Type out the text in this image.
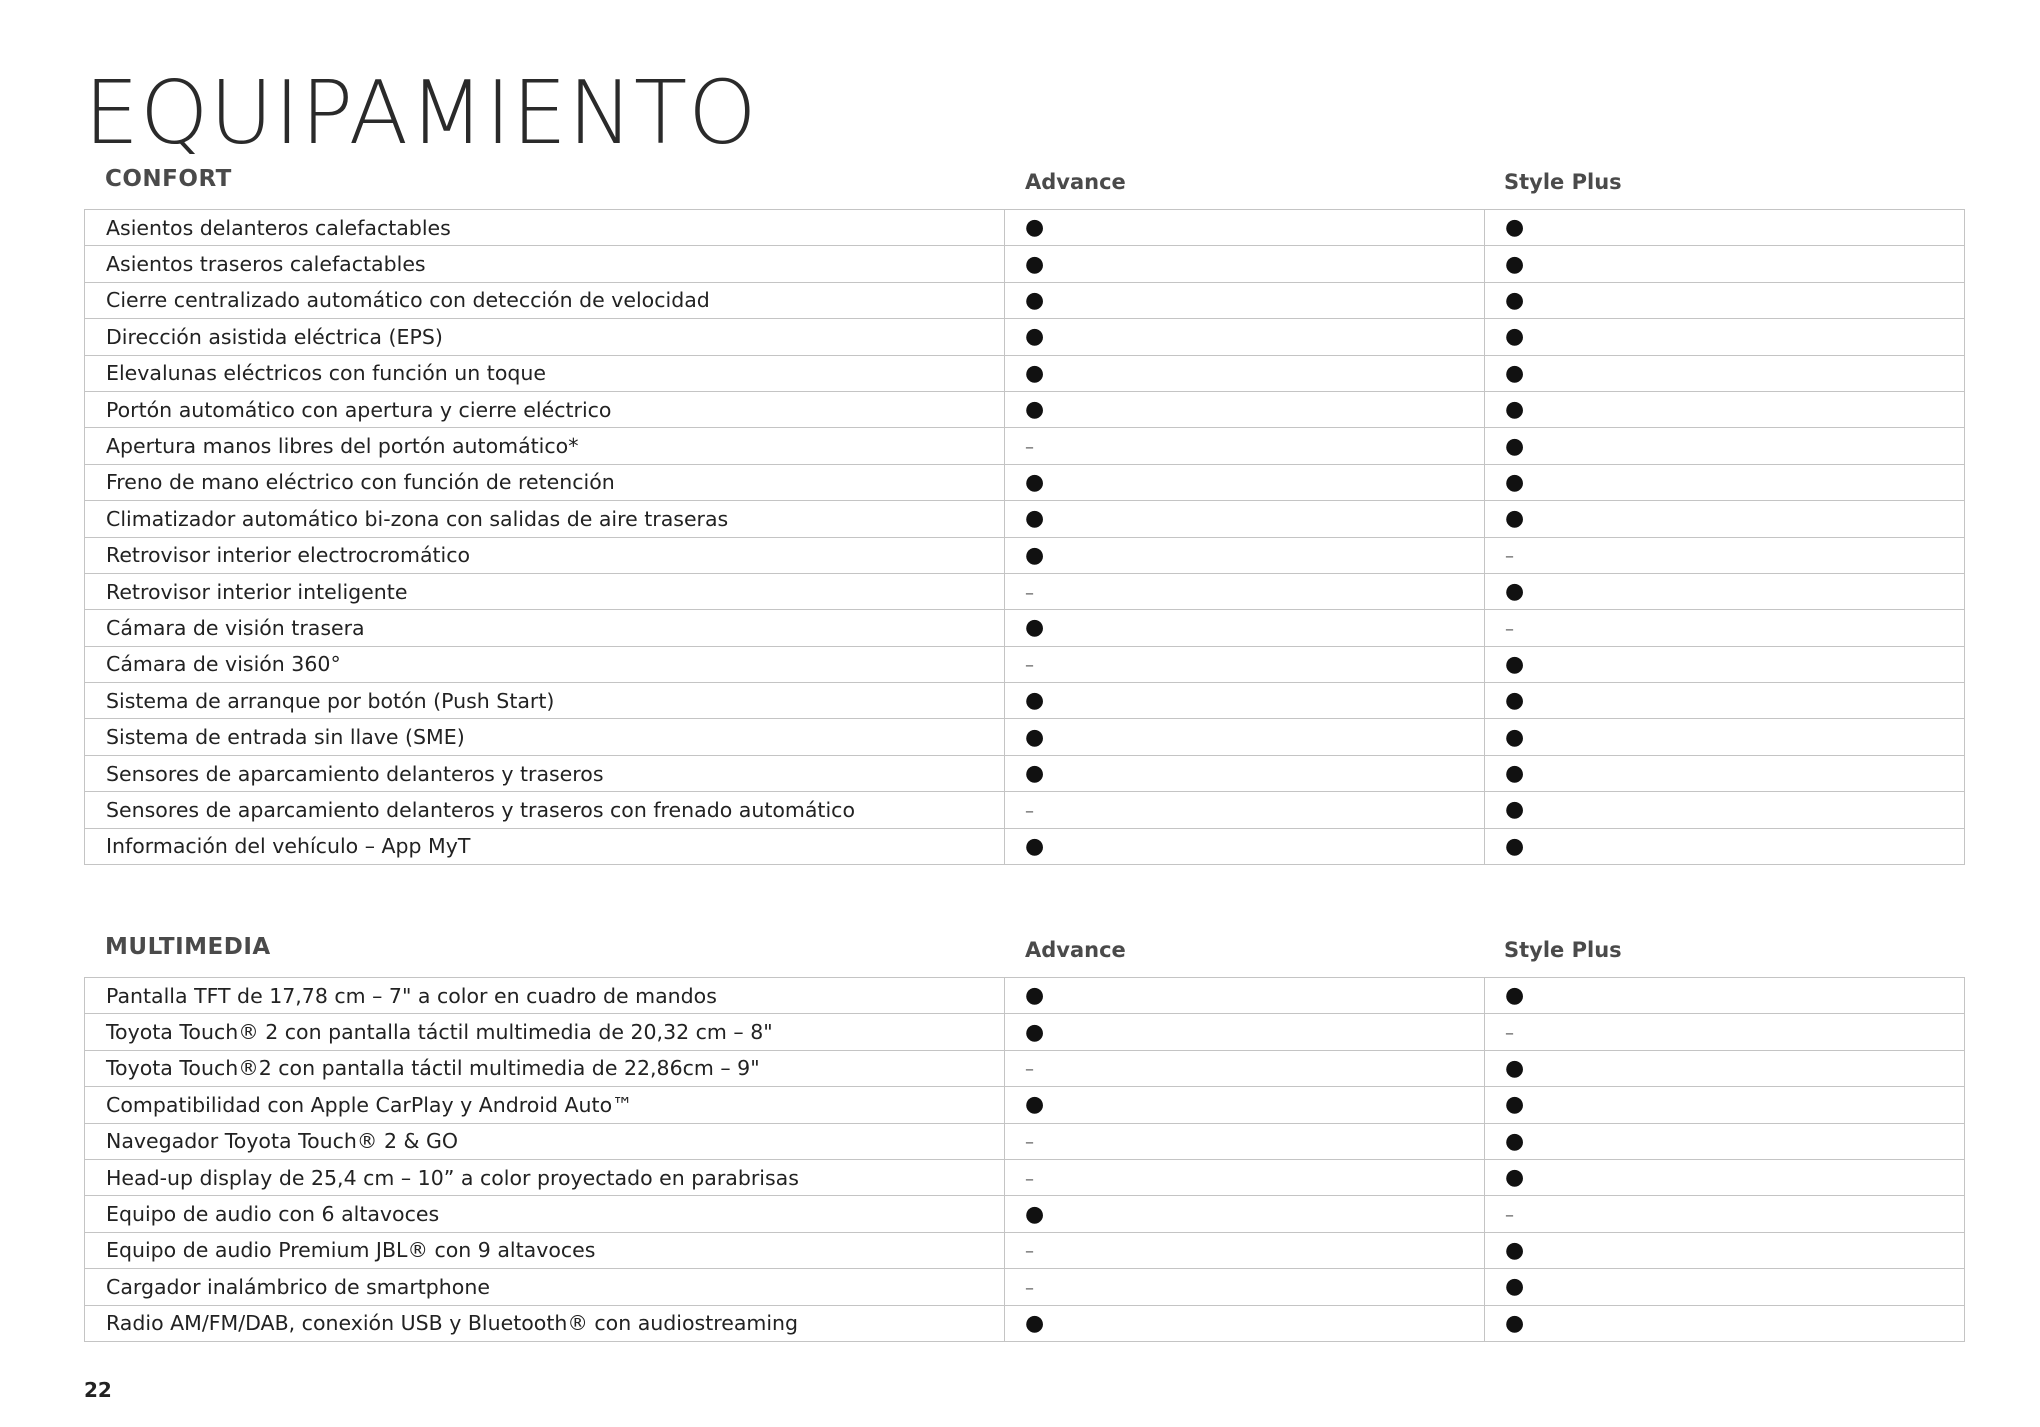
EQUIPAMIENTO
CONFORT	Advance	Style Plus
Asientos delanteros calefactables	●	●
Asientos traseros calefactables	●	●
Cierre centralizado automático con detección de velocidad	●	●
Dirección asistida eléctrica (EPS)	●	●
Elevalunas eléctricos con función un toque	●	●
Portón automático con apertura y cierre eléctrico	●	●
Apertura manos libres del portón automático*	–	●
Freno de mano eléctrico con función de retención	●	●
Climatizador automático bi-zona con salidas de aire traseras	●	●
Retrovisor interior electrocromático	●	–
Retrovisor interior inteligente	–	●
Cámara de visión trasera	●	–
Cámara de visión 360°	–	●
Sistema de arranque por botón (Push Start)	●	●
Sistema de entrada sin llave (SME)	●	●
Sensores de aparcamiento delanteros y traseros	●	●
Sensores de aparcamiento delanteros y traseros con frenado automático	–	●
Información del vehículo – App MyT	●	●
MULTIMEDIA	Advance	Style Plus
Pantalla TFT de 17,78 cm – 7" a color en cuadro de mandos	●	●
Toyota Touch® 2 con pantalla táctil multimedia de 20,32 cm – 8"	●	–
Toyota Touch®2 con pantalla táctil multimedia de 22,86cm – 9"	–	●
Compatibilidad con Apple CarPlay y Android Auto™	●	●
Navegador Toyota Touch® 2 & GO	–	●
Head-up display de 25,4 cm – 10” a color proyectado en parabrisas	–	●
Equipo de audio con 6 altavoces	●	–
Equipo de audio Premium JBL® con 9 altavoces	–	●
Cargador inalámbrico de smartphone	–	●
Radio AM/FM/DAB, conexión USB y Bluetooth® con audiostreaming	●	●
22
